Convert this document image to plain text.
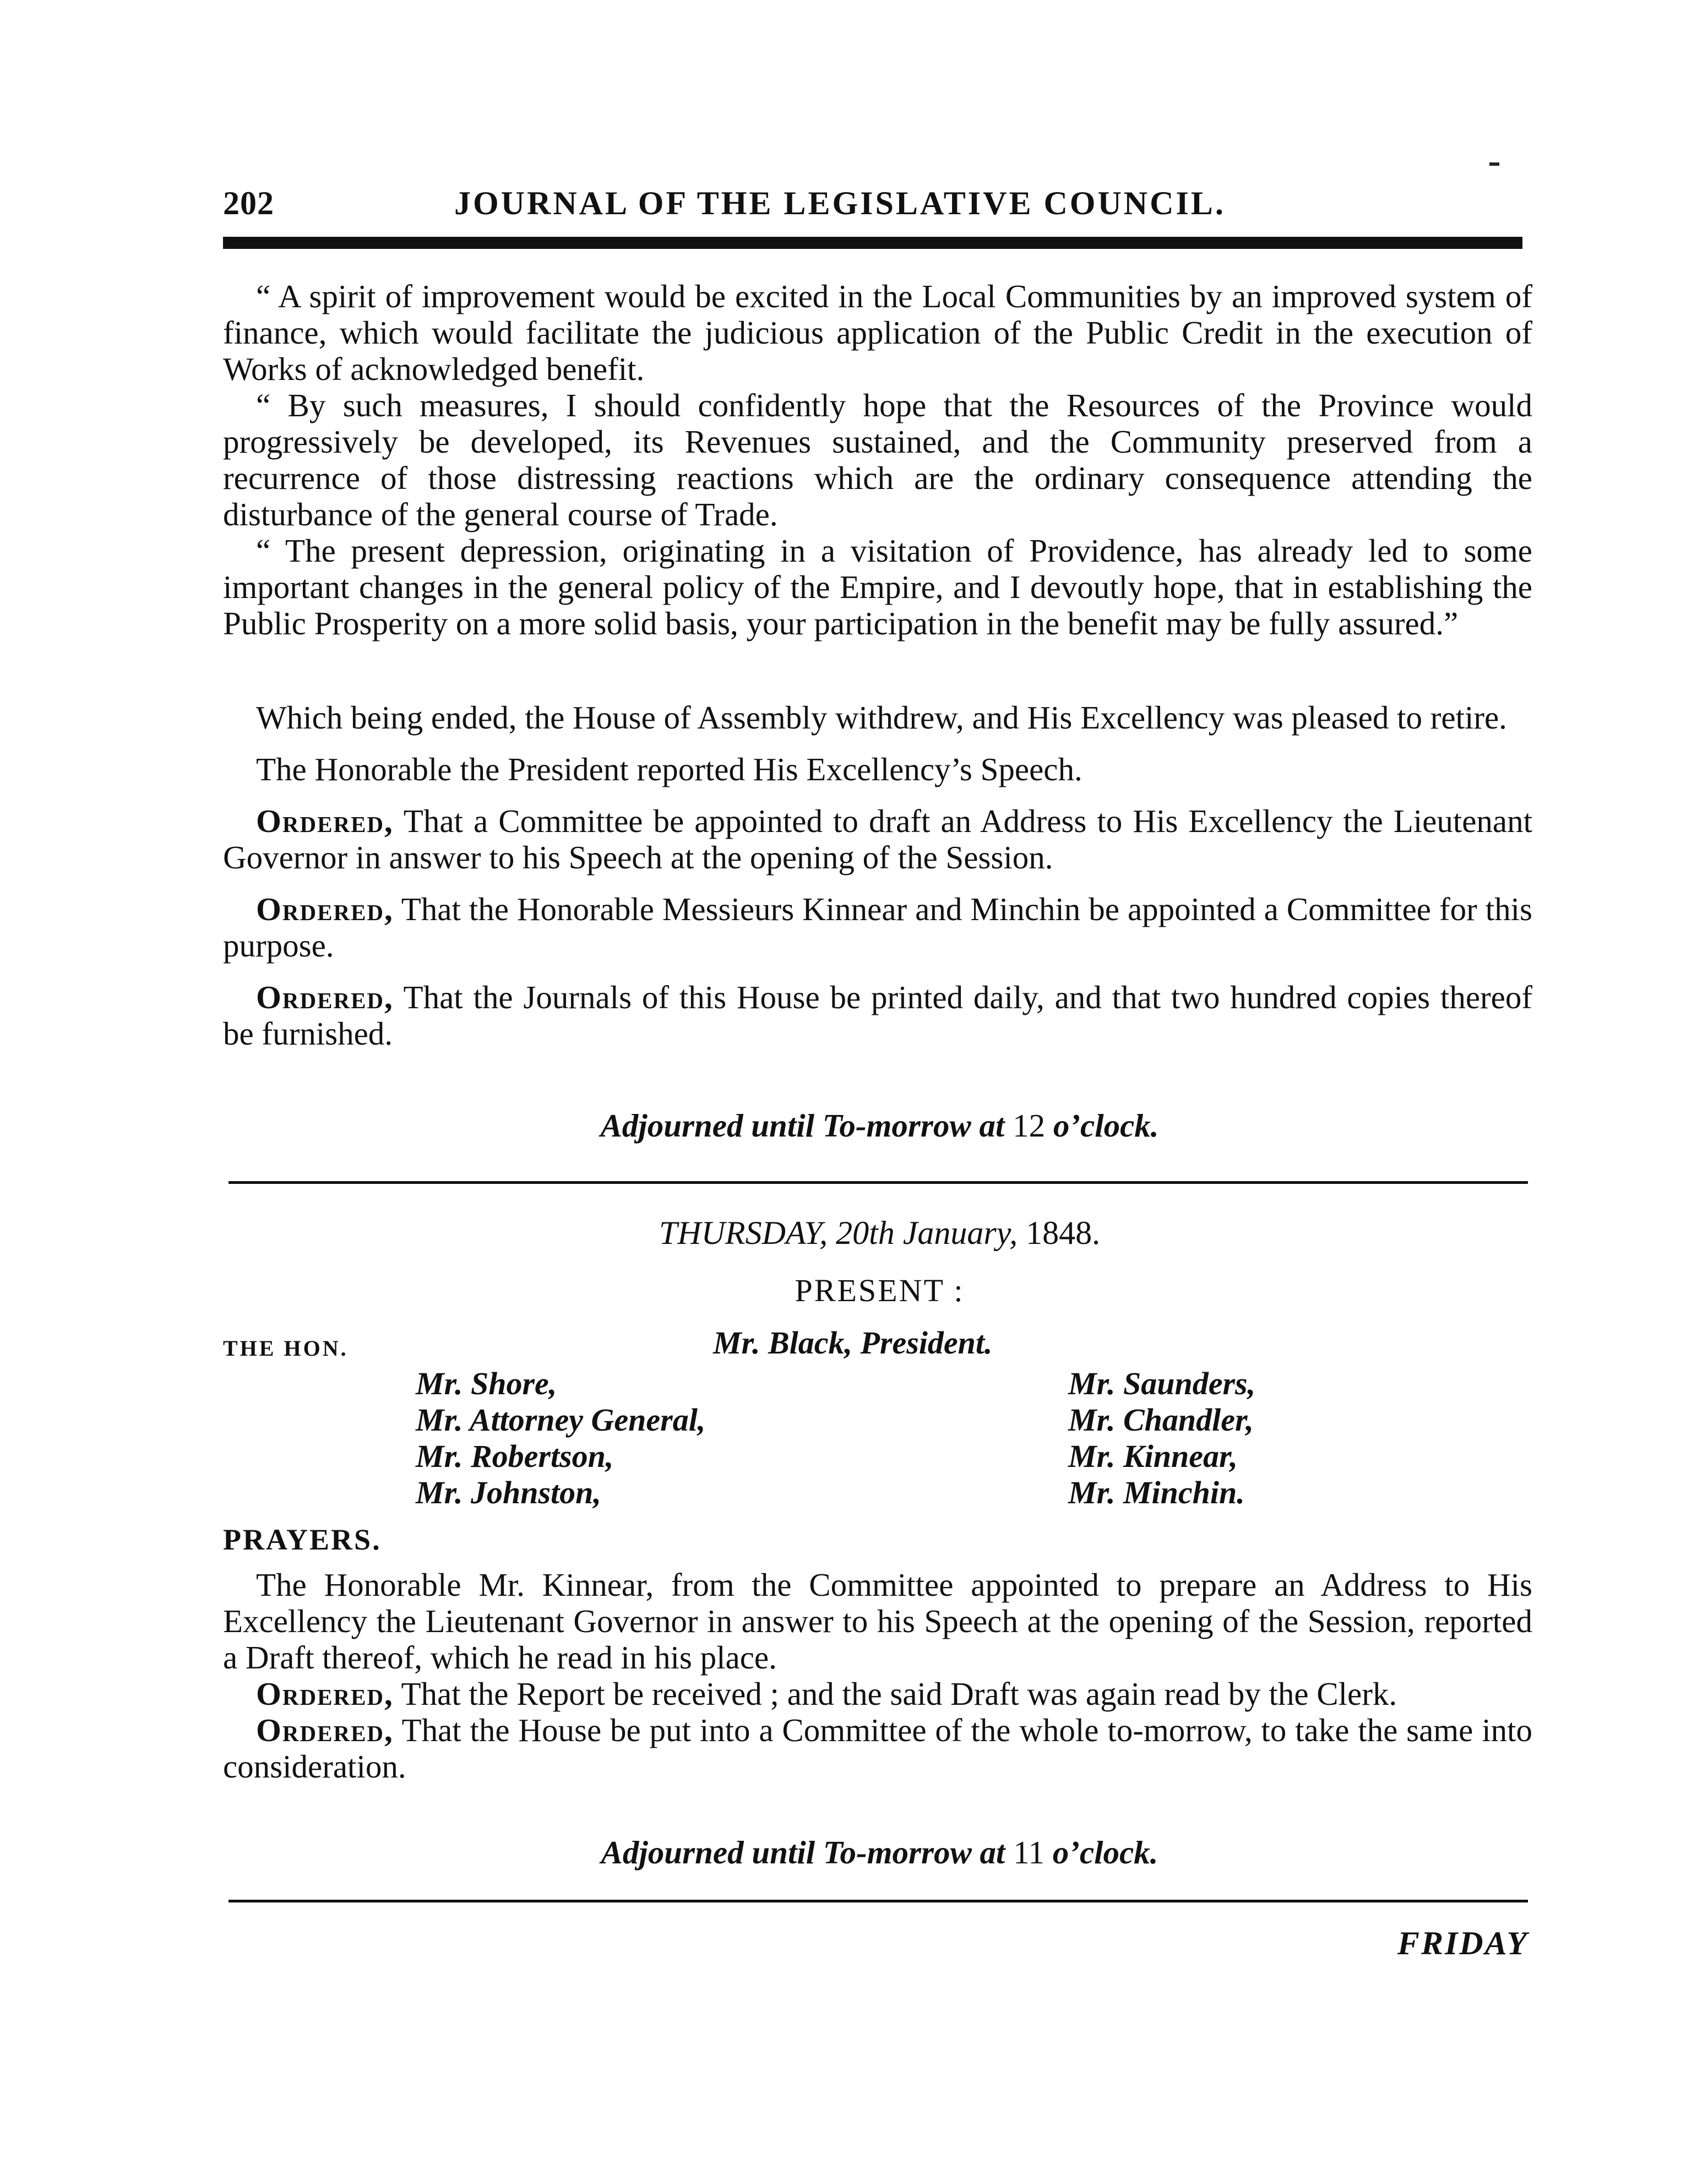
202	JOURNAL OF THE LEGISLATIVE COUNCIL.

“ A spirit of improvement would be excited in the Local Communities by an improved system of finance, which would facilitate the judicious application of the Public Credit in the execution of Works of acknowledged benefit.

“ By such measures, I should confidently hope that the Resources of the Province would progressively be developed, its Revenues sustained, and the Community preserved from a recurrence of those distressing reactions which are the ordinary consequence attending the disturbance of the general course of Trade.

“ The present depression, originating in a visitation of Providence, has already led to some important changes in the general policy of the Empire, and I devoutly hope, that in establishing the Public Prosperity on a more solid basis, your participation in the benefit may be fully assured.”

Which being ended, the House of Assembly withdrew, and His Excellency was pleased to retire.

The Honorable the President reported His Excellency’s Speech.

Ordered, That a Committee be appointed to draft an Address to His Excellency the Lieutenant Governor in answer to his Speech at the opening of the Session.

Ordered, That the Honorable Messieurs Kinnear and Minchin be appointed a Committee for this purpose.

Ordered, That the Journals of this House be printed daily, and that two hundred copies thereof be furnished.

Adjourned until To-morrow at 12 o’clock.
THURSDAY, 20th January, 1848.
PRESENT :
THE HON.	Mr. Black, President.
Mr. Shore,
Mr. Attorney General,
Mr. Robertson,
Mr. Johnston,
Mr. Saunders,
Mr. Chandler,
Mr. Kinnear,
Mr. Minchin.
PRAYERS.

The Honorable Mr. Kinnear, from the Committee appointed to prepare an Address to His Excellency the Lieutenant Governor in answer to his Speech at the opening of the Session, reported a Draft thereof, which he read in his place.

Ordered, That the Report be received ; and the said Draft was again read by the Clerk.

Ordered, That the House be put into a Committee of the whole to-morrow, to take the same into consideration.

Adjourned until To-morrow at 11 o’clock.
FRIDAY
